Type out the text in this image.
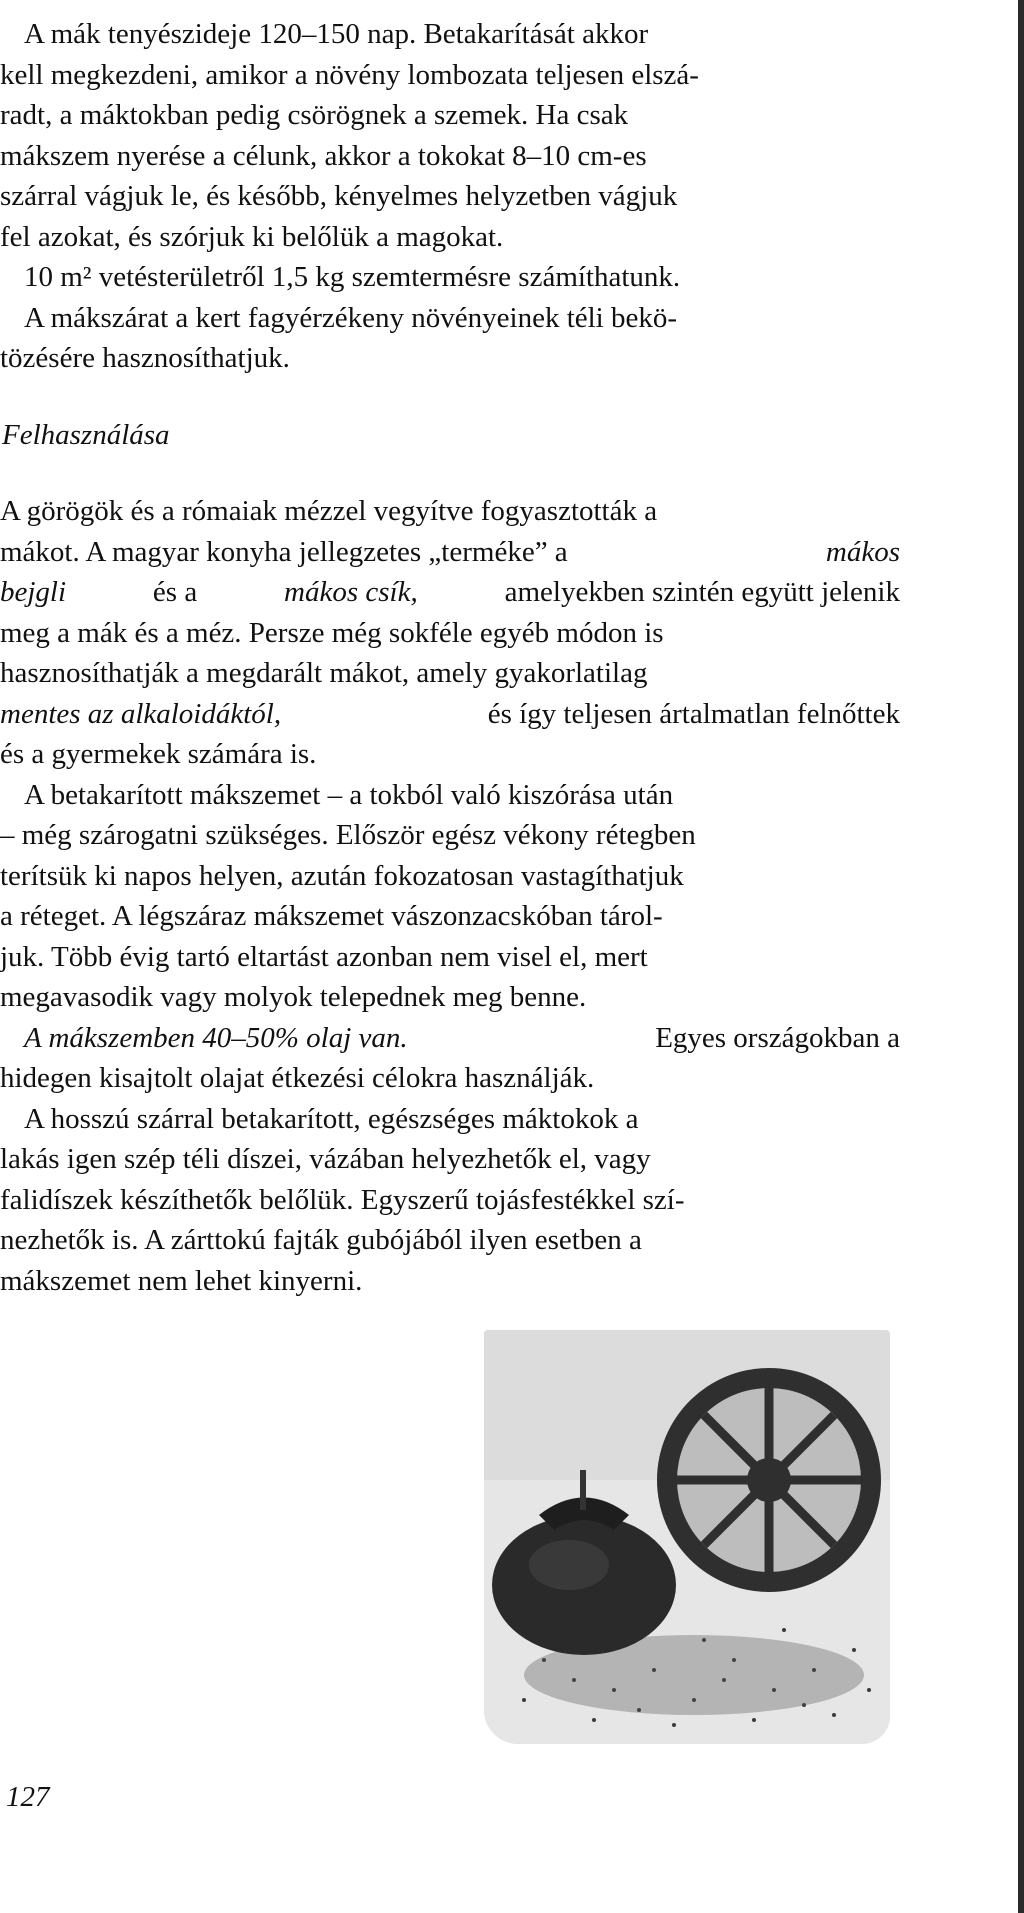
A mák tenyészideje 120–150 nap. Betakarítását akkor
kell megkezdeni, amikor a növény lombozata teljesen elszá-
radt, a máktokban pedig csörögnek a szemek. Ha csak
mákszem nyerése a célunk, akkor a tokokat 8–10 cm-es
szárral vágjuk le, és később, kényelmes helyzetben vágjuk
fel azokat, és szórjuk ki belőlük a magokat.
10 m² vetésterületről 1,5 kg szemtermésre számíthatunk.
A mákszárat a kert fagyérzékeny növényeinek téli bekö-
tözésére hasznosíthatjuk.
Felhasználása
A görögök és a rómaiak mézzel vegyítve fogyasztották a
mákot. A magyar konyha jellegzetes „terméke” a	mákos
bejgli	és a	mákos csík,	amelyekben szintén együtt jelenik
meg a mák és a méz. Persze még sokféle egyéb módon is
hasznosíthatják a megdarált mákot, amely gyakorlatilag
mentes az alkaloidáktól,	és így teljesen ártalmatlan felnőttek
és a gyermekek számára is.
A betakarított mákszemet – a tokból való kiszórása után
– még szárogatni szükséges. Először egész vékony rétegben
terítsük ki napos helyen, azután fokozatosan vastagíthatjuk
a réteget. A légszáraz mákszemet vászonzacskóban tárol-
juk. Több évig tartó eltartást azonban nem visel el, mert
megavasodik vagy molyok telepednek meg benne.
A mákszemben 40–50% olaj van.	Egyes országokban a
hidegen kisajtolt olajat étkezési célokra használják.
A hosszú szárral betakarított, egészséges máktokok a
lakás igen szép téli díszei, vázában helyezhetők el, vagy
falidíszek készíthetők belőlük. Egyszerű tojásfestékkel szí-
nezhetők is. A zárttokú fajták gubójából ilyen esetben a
mákszemet nem lehet kinyerni.
127
